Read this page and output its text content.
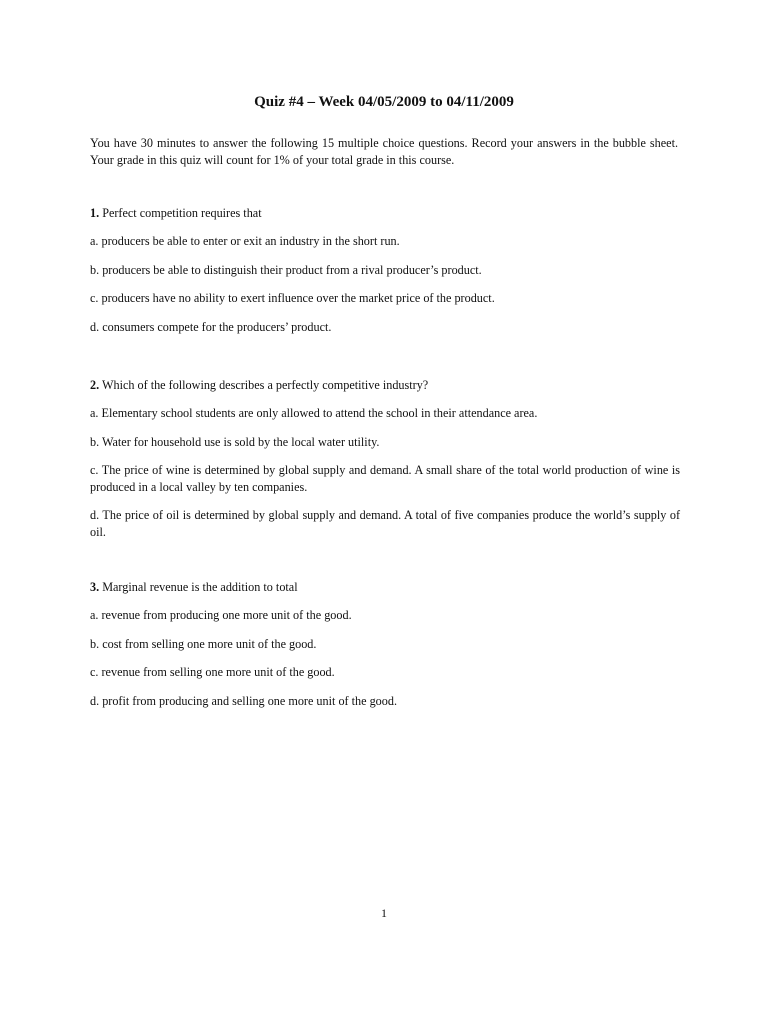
Quiz #4 – Week 04/05/2009 to 04/11/2009
You have 30 minutes to answer the following 15 multiple choice questions. Record your answers in the bubble sheet. Your grade in this quiz will count for 1% of your total grade in this course.
1. Perfect competition requires that
a. producers be able to enter or exit an industry in the short run.
b. producers be able to distinguish their product from a rival producer’s product.
c. producers have no ability to exert influence over the market price of the product.
d. consumers compete for the producers’ product.
2. Which of the following describes a perfectly competitive industry?
a. Elementary school students are only allowed to attend the school in their attendance area.
b. Water for household use is sold by the local water utility.
c. The price of wine is determined by global supply and demand. A small share of the total world production of wine is produced in a local valley by ten companies.
d. The price of oil is determined by global supply and demand. A total of five companies produce the world’s supply of oil.
3. Marginal revenue is the addition to total
a. revenue from producing one more unit of the good.
b. cost from selling one more unit of the good.
c. revenue from selling one more unit of the good.
d. profit from producing and selling one more unit of the good.
1
